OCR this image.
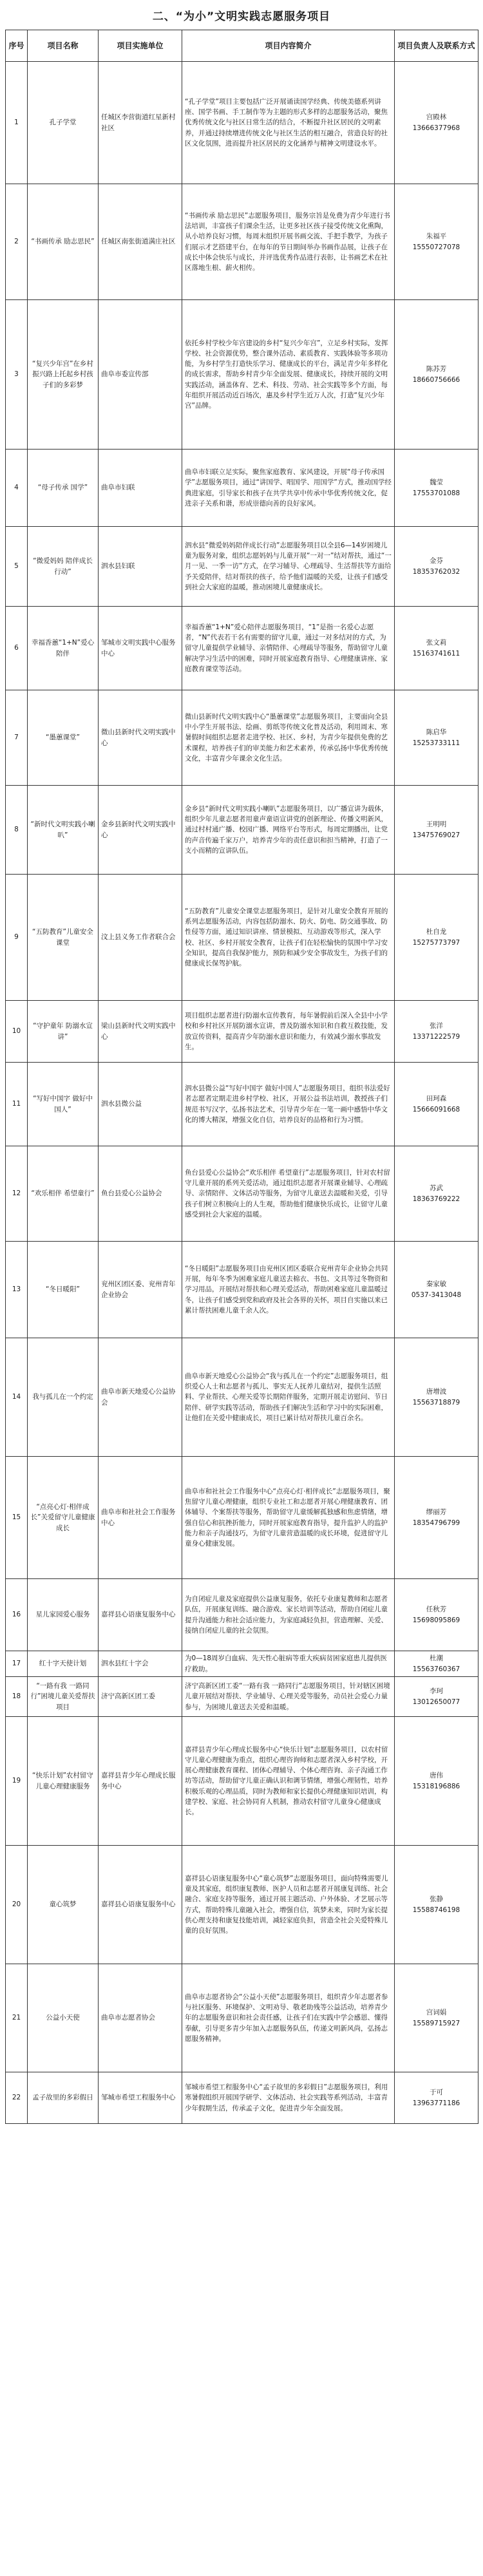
二、“为小”文明实践志愿服务项目
序号	项目名称	项目实施单位	项目内容简介	项目负责人及联系方式
1	孔子学堂	任城区李营街道红星新村社区	“孔子学堂”项目主要包括广泛开展诵读国学经典、传统美德系列讲座、国学书画、手工制作等为主题的形式多样的志愿服务活动，聚焦优秀传统文化与社区日常生活的结合，不断提升社区居民的文明素养，并通过持续增进传统文化与社区生活的相互融合，营造良好的社区文化氛围，进而提升社区居民的文化涵养与精神文明建设水平。	宫殿林
13666377968

2	“书画传承 励志思民”	任城区南张街道满庄社区	“书画传承 励志思民”志愿服务项目，服务宗旨是免费为青少年进行书法培训，丰富孩子们课余生活，让更多社区孩子接受传统文化熏陶，从小培养良好习惯，每周末组织开展书画交流、手把手教学，为孩子们展示才艺搭建平台，在每年的节日期间举办书画作品展，让孩子在成长中体会快乐与成长，并评选优秀作品进行表彰，让书画艺术在社区落地生根、薪火相传。	朱福平
15550727078

3	“复兴少年宫”在乡村振兴路上托起乡村孩子们的多彩梦	曲阜市委宣传部	依托乡村学校少年宫建设的乡村“复兴少年宫”，立足乡村实际，发挥学校、社会资源优势，整合课外活动、素质教育、实践体验等多项功能，为乡村学生打造快乐学习、健康成长的平台，满足青少年多样化的成长需求，帮助乡村青少年全面发展、健康成长，持续开展的文明实践活动，涵盖体育、艺术、科技、劳动、社会实践等多个方面，每年组织开展活动近百场次，惠及乡村学生近万人次，打造“复兴少年宫”品牌。	陈苏芳
18660756666

4	“母子传承 国学”	曲阜市妇联	曲阜市妇联立足实际，聚焦家庭教育、家风建设，开展“母子传承国学”志愿服务项目，通过“讲国学、唱国学、用国学”方式，推动国学经典进家庭，引导家长和孩子在共学共享中传承中华优秀传统文化，促进亲子关系和谐，形成崇德向善的良好家风。	魏莹
17553701088

5	“微爱妈妈 陪伴成长行动”	泗水县妇联	泗水县“微爱妈妈陪伴成长行动”志愿服务项目以全县6—14岁困境儿童为服务对象，组织志愿妈妈与儿童开展“一对一”结对帮扶，通过“一月一见、一季一访”方式，在学习辅导、心理疏导、生活帮扶等方面给予关爱陪伴，结对帮扶的孩子，给予他们温暖的关爱，让孩子们感受到社会大家庭的温暖，推动困境儿童健康成长。	金芬
18353762032

6	幸福香蕙“1+N”爱心陪伴	邹城市文明实践中心服务中心	幸福香蕙“1+N”爱心陪伴志愿服务项目，“1”是指一名爱心志愿者，“N”代表若干名有需要的留守儿童，通过一对多结对的方式，为留守儿童提供学业辅导、亲情陪伴、心理疏导等服务，帮助留守儿童解决学习生活中的困难，同时开展家庭教育指导、心理健康讲座、家庭教育课堂等活动。	张文莉
15163741611

7	“墨蕙课堂”	微山县新时代文明实践中心	微山县新时代文明实践中心“墨蕙课堂”志愿服务项目，主要面向全县中小学生开展书法、绘画、剪纸等传统文化普及活动，利用周末、寒暑假时间组织志愿者走进学校、社区、乡村，为青少年提供免费的艺术课程，培养孩子们的审美能力和艺术素养，传承弘扬中华优秀传统文化，丰富青少年课余文化生活。	陈启华
15253733111

8	“新时代文明实践小喇叭”	金乡县新时代文明实践中心	金乡县“新时代文明实践小喇叭”志愿服务项目，以广播宣讲为载体，组织少年儿童志愿者用童声童语宣讲党的创新理论、传播文明新风，通过村村通广播、校园广播、网络平台等形式，每周定期播出，让党的声音传遍千家万户，培养青少年的责任意识和担当精神，打造了一支小而精的宣讲队伍。	王明明
13475769027

9	“五防教育”儿童安全课堂	汶上县义务工作者联合会	“五防教育”儿童安全课堂志愿服务项目，是针对儿童安全教育开展的系列志愿服务活动，内容包括防溺水、防火、防电、防交通事故、防性侵等方面，通过知识讲座、情景模拟、互动游戏等形式，深入学校、社区、乡村开展安全教育，让孩子们在轻松愉快的氛围中学习安全知识，提高自我保护能力，预防和减少安全事故发生，为孩子们的健康成长保驾护航。	杜自龙
15275773797

10	“守护童年 防溺水宣讲”	梁山县新时代文明实践中心	项目组织志愿者进行防溺水宣传教育，每年暑假前后深入全县中小学校和乡村社区开展防溺水宣讲，普及防溺水知识和自救互救技能，发放宣传资料，提高青少年防溺水意识和能力，有效减少溺水事故发生。	张洋
13371222579

11	“写好中国字 做好中国人”	泗水县微公益	泗水县微公益“写好中国字 做好中国人”志愿服务项目，组织书法爱好者志愿者定期走进乡村学校、社区，开展公益书法培训，教授孩子们规范书写汉字，弘扬书法艺术，引导青少年在一笔一画中感悟中华文化的博大精深，增强文化自信，培养良好的品格和行为习惯。	田珂森
15666091668

12	“欢乐相伴 希望童行”	鱼台县爱心公益协会	鱼台县爱心公益协会“欢乐相伴 希望童行”志愿服务项目，针对农村留守儿童开展的系列关爱活动，通过组织志愿者开展课业辅导、心理疏导、亲情陪伴、文体活动等服务，为留守儿童送去温暖和关爱，引导孩子们树立积极向上的人生观，帮助他们健康快乐成长，让留守儿童感受到社会大家庭的温暖。	苏武
18363769222

13	“冬日暖阳”	兖州区团区委、兖州青年企业协会	“冬日暖阳”志愿服务项目由兖州区团区委联合兖州青年企业协会共同开展，每年冬季为困难家庭儿童送去棉衣、书包、文具等过冬物资和学习用品，开展结对帮扶和心理关爱活动，帮助困难家庭儿童温暖过冬，让孩子们感受到党和政府及社会各界的关怀，项目自实施以来已累计帮扶困难儿童千余人次。	秦家敏
0537-3413048

14	我与孤儿在一个约定	曲阜市新天地爱心公益协会	曲阜市新天地爱心公益协会“我与孤儿在一个约定”志愿服务项目，组织爱心人士和志愿者与孤儿、事实无人抚养儿童结对，提供生活照料、学业帮扶、心理关爱等长期陪伴服务，定期开展走访慰问、节日陪伴、研学实践等活动，帮助孩子们解决生活和学习中的实际困难，让他们在关爱中健康成长，项目已累计结对帮扶儿童百余名。	唐增波
15563718879

15	“点亮心灯·相伴成长”关爱留守儿童健康成长	曲阜市和社社会工作服务中心	曲阜市和社社会工作服务中心“点亮心灯·相伴成长”志愿服务项目，聚焦留守儿童心理健康，组织专业社工和志愿者开展心理健康教育、团体辅导、个案帮扶等服务，帮助留守儿童缓解孤独感和焦虑情绪，增强自信心和抗挫折能力，同时开展家庭教育指导，提升监护人的监护能力和亲子沟通技巧，为留守儿童营造温暖的成长环境，促进留守儿童身心健康发展。	缪丽芳
18354796799

16	星儿家园爱心服务	嘉祥县心语康复服务中心	为自闭症儿童及家庭提供公益康复服务，依托专业康复教师和志愿者队伍，开展康复训练、融合游戏、家长培训等活动，帮助自闭症儿童提升沟通能力和社会适应能力，为家庭减轻负担，营造理解、关爱、接纳自闭症儿童的社会氛围。	任秋芳
15698095869

17	红十字天使计划	泗水县红十字会	为0—18周岁白血病、先天性心脏病等重大疾病贫困家庭患儿提供医疗救助。	杜潮
15563760367

18	“一路有我 一路同行”困境儿童关爱帮扶项目	济宁高新区团工委	济宁高新区团工委“一路有我 一路同行”志愿服务项目，针对辖区困境儿童开展结对帮扶、学业辅导、心理关爱等服务，动员社会爱心力量参与，为困境儿童送去关爱和温暖。	李珂
13012650077

19	“快乐计划”农村留守儿童心理健康服务	嘉祥县青少年心理成长服务中心	嘉祥县青少年心理成长服务中心“快乐计划”志愿服务项目，以农村留守儿童心理健康为重点，组织心理咨询师和志愿者深入乡村学校，开展心理健康教育课程、团体心理辅导、个体心理咨询、亲子沟通工作坊等活动，帮助留守儿童正确认识和调节情绪，增强心理韧性，培养积极乐观的心理品质，同时为教师和家长提供心理健康知识培训，构建学校、家庭、社会协同育人机制，推动农村留守儿童身心健康成长。	唐伟
15318196886

20	童心筑梦	嘉祥县心语康复服务中心	嘉祥县心语康复服务中心“童心筑梦”志愿服务项目，面向特殊需要儿童及其家庭，组织康复教师、医护人员和志愿者开展康复训练、社会融合、家庭支持等服务，通过开展主题活动、户外体验、才艺展示等方式，帮助特殊儿童融入社会，增强自信，筑梦未来，同时为家长提供心理支持和康复技能培训，减轻家庭负担，营造全社会关爱特殊儿童的良好氛围。	张静
15588746198

21	公益小天使	曲阜市志愿者协会	曲阜市志愿者协会“公益小天使”志愿服务项目，组织青少年志愿者参与社区服务、环境保护、文明劝导、敬老助残等公益活动，培养青少年的志愿服务意识和社会责任感，让孩子们在实践中学会感恩、懂得奉献，引导更多青少年加入志愿服务队伍，传递文明新风尚，弘扬志愿服务精神。	宫词娟
15589715927

22	孟子故里的多彩假日	邹城市希望工程服务中心	邹城市希望工程服务中心“孟子故里的多彩假日”志愿服务项目，利用寒暑假组织开展国学研学、文体活动、社会实践等系列活动，丰富青少年假期生活，传承孟子文化，促进青少年全面发展。	于可
13963771186
